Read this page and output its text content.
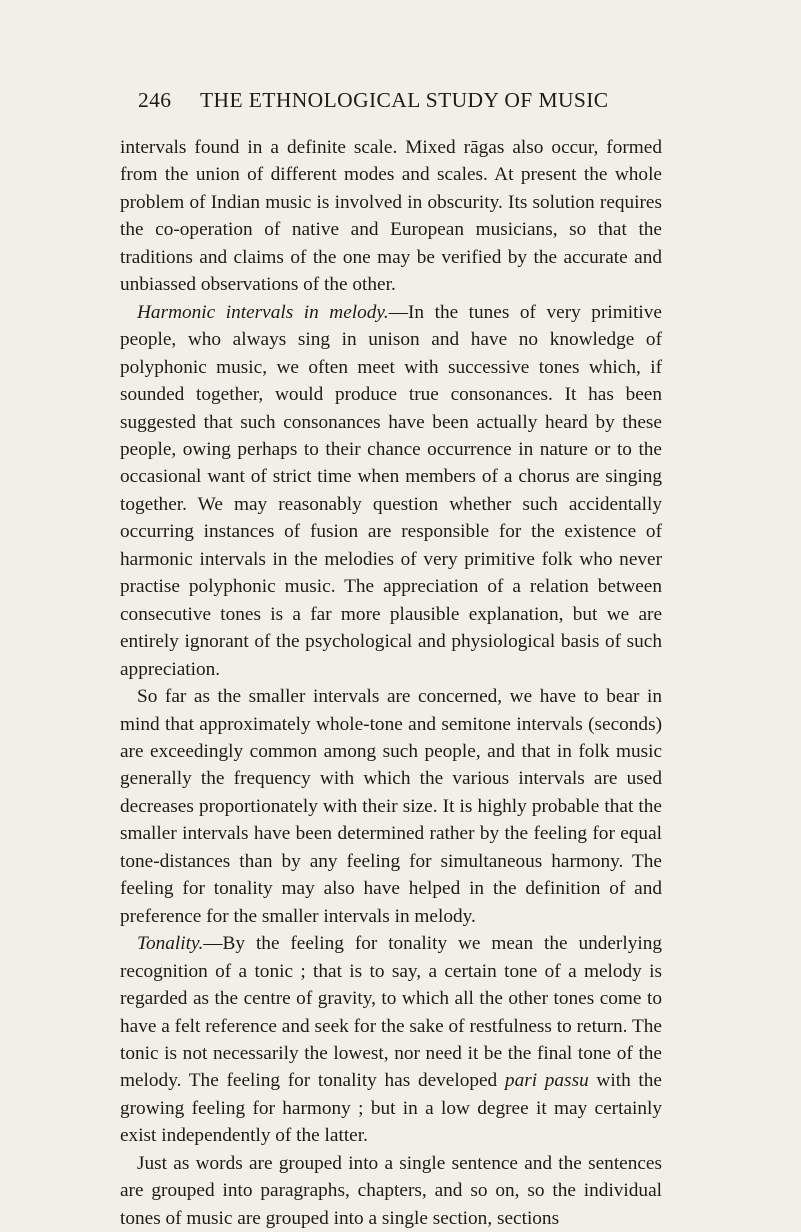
246 THE ETHNOLOGICAL STUDY OF MUSIC

intervals found in a definite scale. Mixed rāgas also occur, formed from the union of different modes and scales. At present the whole problem of Indian music is involved in obscurity. Its solution requires the co-operation of native and European musicians, so that the traditions and claims of the one may be verified by the accurate and unbiassed observations of the other.

Harmonic intervals in melody.—In the tunes of very primitive people, who always sing in unison and have no knowledge of polyphonic music, we often meet with successive tones which, if sounded together, would produce true consonances. It has been suggested that such consonances have been actually heard by these people, owing perhaps to their chance occurrence in nature or to the occasional want of strict time when members of a chorus are singing together. We may reasonably question whether such accidentally occurring instances of fusion are responsible for the existence of harmonic intervals in the melodies of very primitive folk who never practise polyphonic music. The appreciation of a relation between consecutive tones is a far more plausible explanation, but we are entirely ignorant of the psychological and physiological basis of such appreciation.

So far as the smaller intervals are concerned, we have to bear in mind that approximately whole-tone and semitone intervals (seconds) are exceedingly common among such people, and that in folk music generally the frequency with which the various intervals are used decreases proportionately with their size. It is highly probable that the smaller intervals have been determined rather by the feeling for equal tone-distances than by any feeling for simultaneous harmony. The feeling for tonality may also have helped in the definition of and preference for the smaller intervals in melody.

Tonality.—By the feeling for tonality we mean the underlying recognition of a tonic ; that is to say, a certain tone of a melody is regarded as the centre of gravity, to which all the other tones come to have a felt reference and seek for the sake of restfulness to return. The tonic is not necessarily the lowest, nor need it be the final tone of the melody. The feeling for tonality has developed pari passu with the growing feeling for harmony ; but in a low degree it may certainly exist independently of the latter.

Just as words are grouped into a single sentence and the sentences are grouped into paragraphs, chapters, and so on, so the individual tones of music are grouped into a single section, sections
